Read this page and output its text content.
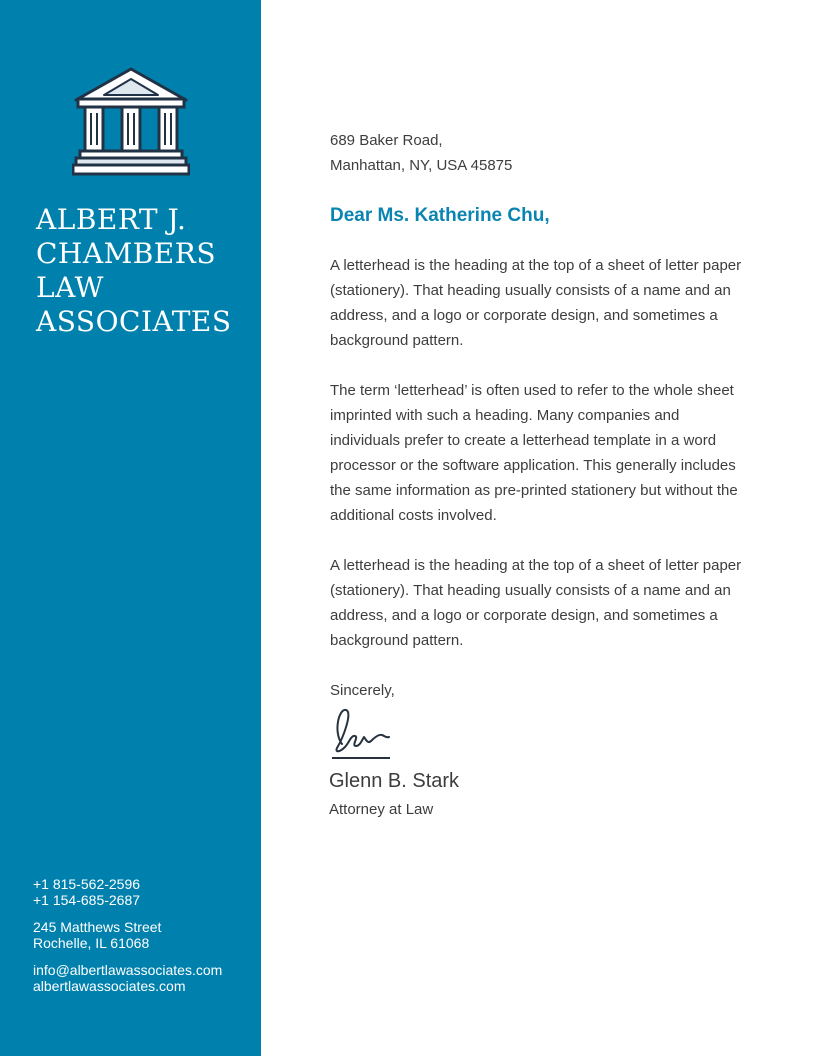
ALBERT J.
CHAMBERS
LAW
ASSOCIATES
+1 815-562-2596
+1 154-685-2687
245 Matthews Street
Rochelle, IL 61068
info@albertlawassociates.com
albertlawassociates.com
689 Baker Road,
Manhattan, NY, USA 45875
Dear Ms. Katherine Chu,

A letterhead is the heading at the top of a sheet of letter paper (stationery). That heading usually consists of a name and an address, and a logo or corporate design, and sometimes a background pattern.

The term ‘letterhead’ is often used to refer to the whole sheet imprinted with such a heading. Many companies and individuals prefer to create a letterhead template in a word processor or the software application. This generally includes the same information as pre-printed stationery but without the additional costs involved.

A letterhead is the heading at the top of a sheet of letter paper (stationery). That heading usually consists of a name and an address, and a logo or corporate design, and sometimes a background pattern.

Sincerely,
Glenn B. Stark
Attorney at Law
